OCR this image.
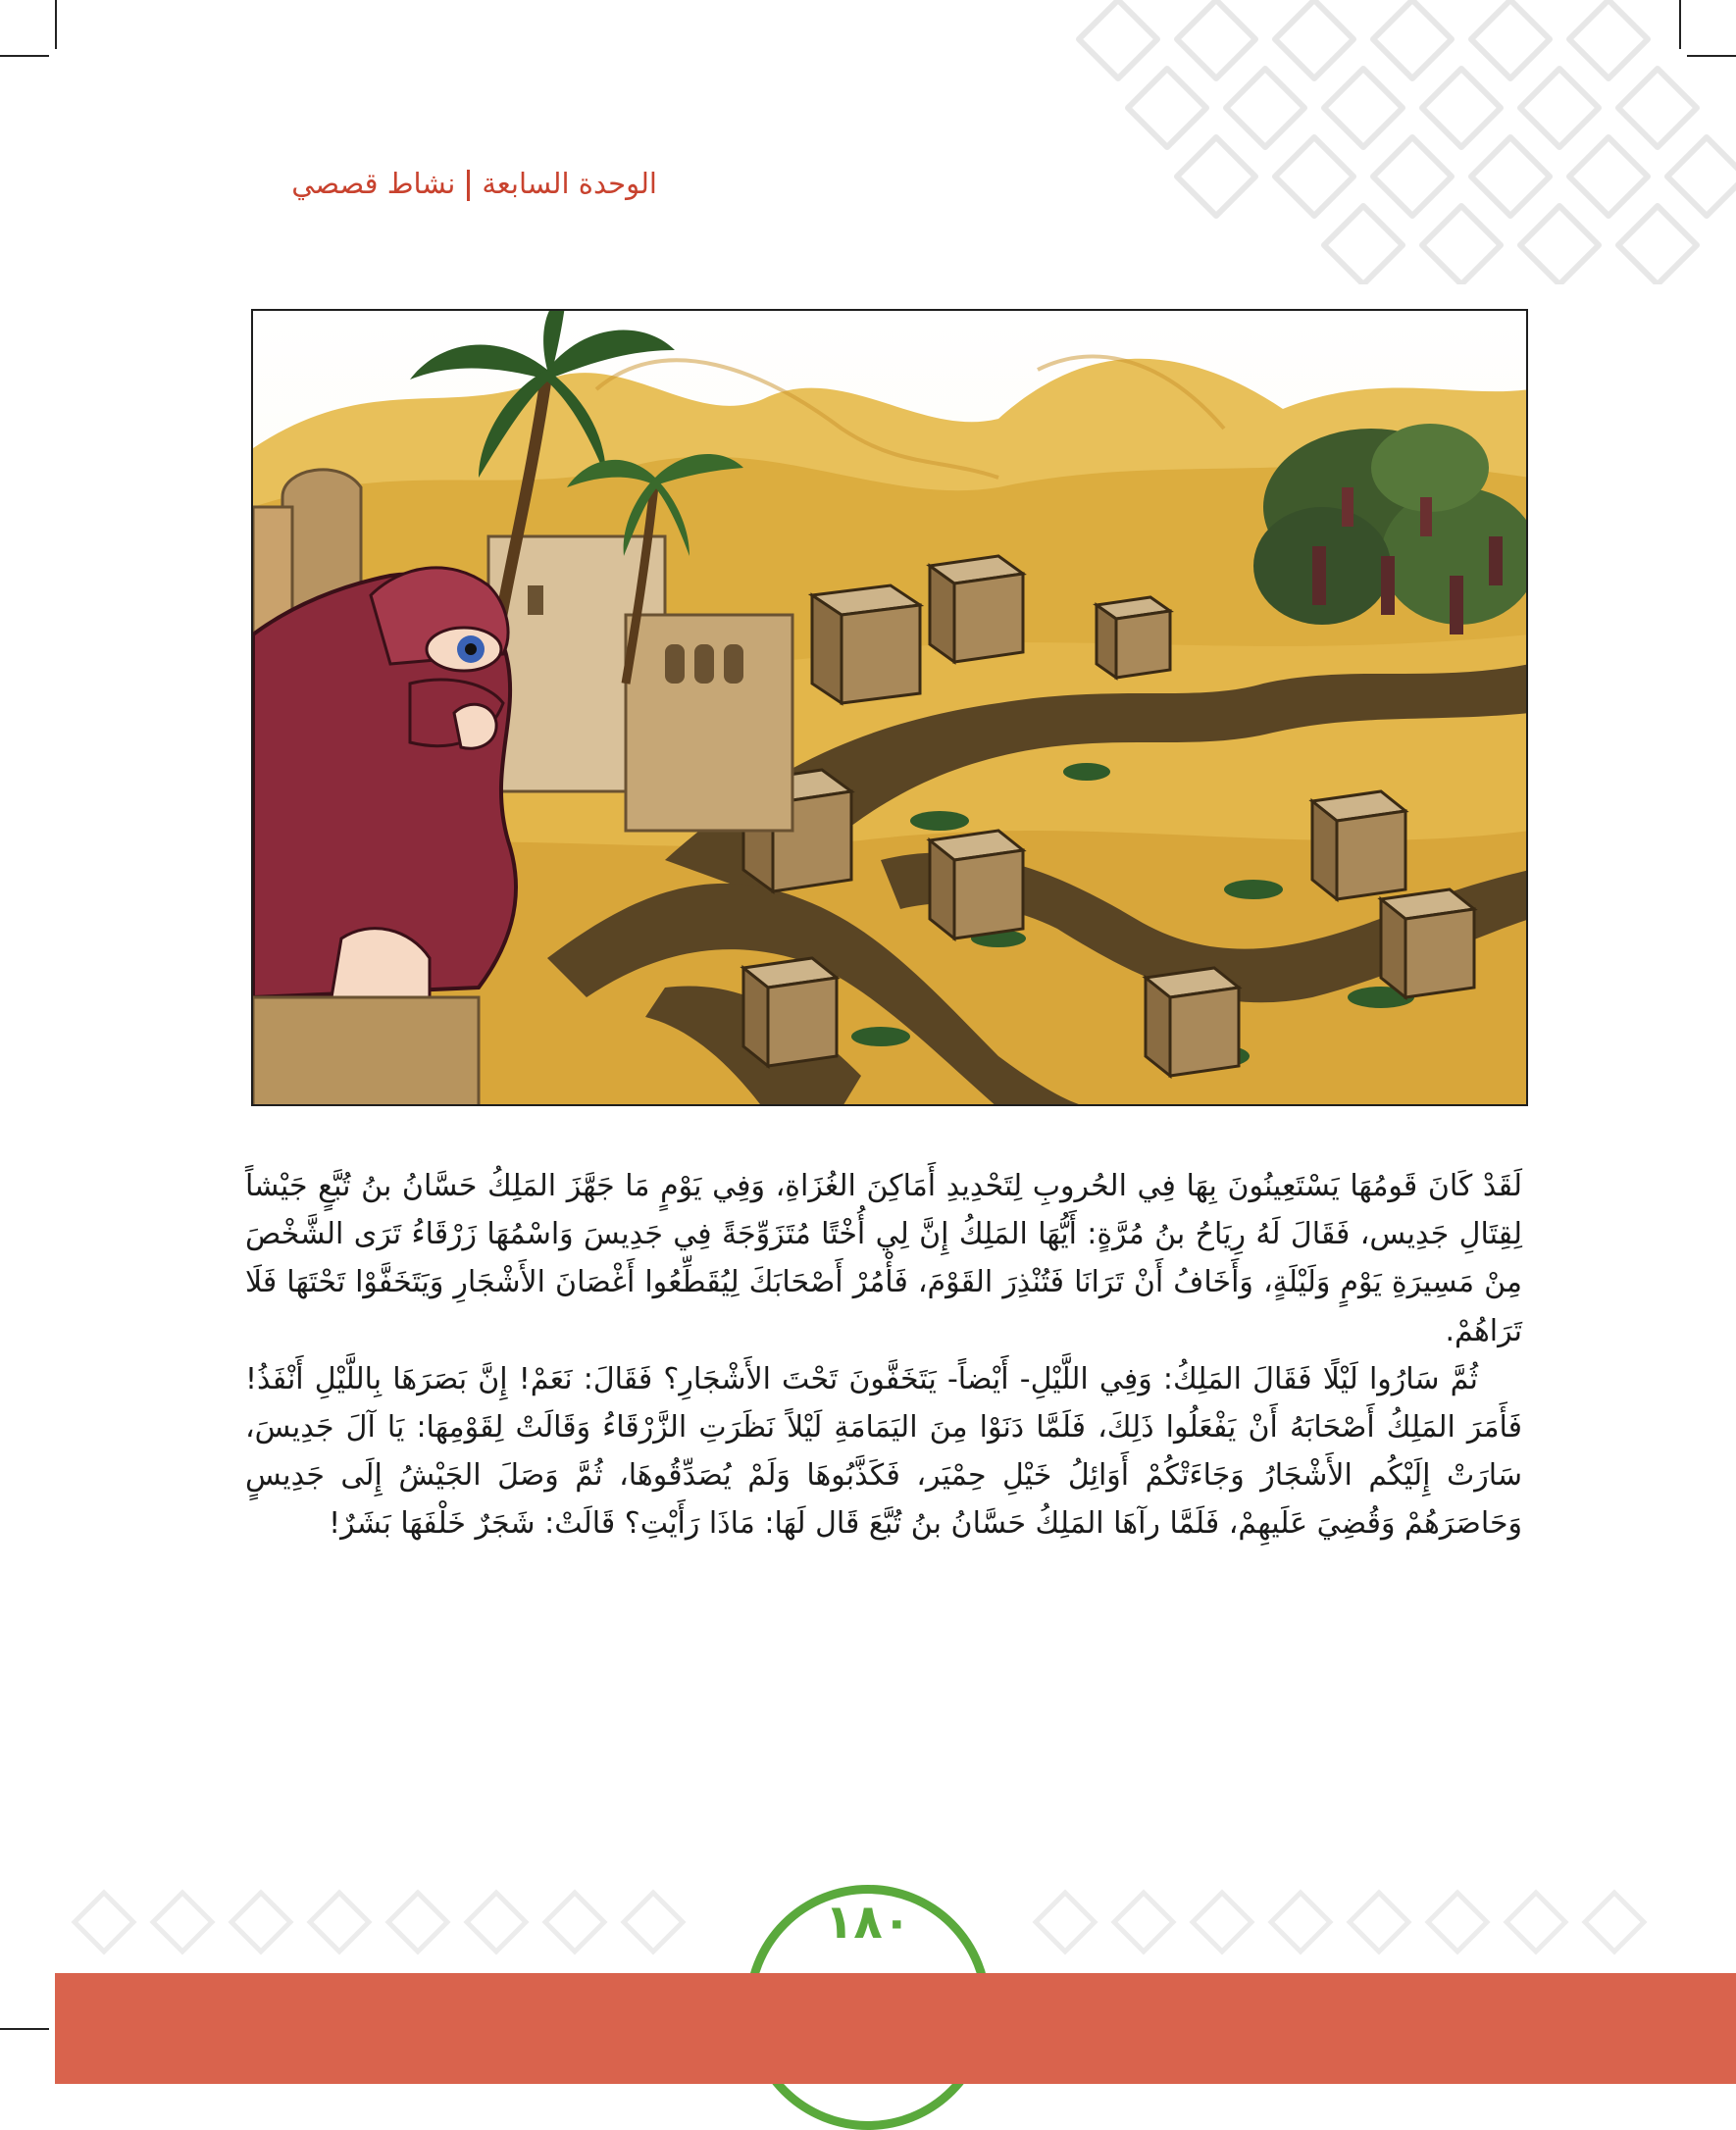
الوحدة السابعةنشاط قصصي

لَقَدْ كَانَ قَومُهَا يَسْتَعِينُونَ بِهَا فِي الحُروبِ لِتَحْدِيدِ أَمَاكِنَ الغُزَاةِ، وَفِي يَوْمٍ مَا جَهَّزَ المَلِكُ حَسَّانُ بنُ تُبَّعٍ جَيْشاً لِقِتَالِ جَدِيس، فَقَالَ لَهُ رِيَاحُ بنُ مُرَّةٍ: أَيُّهَا المَلِكُ إِنَّ لِي أُخْتًا مُتَزَوِّجَةً فِي جَدِيسَ وَاسْمُهَا زَرْقَاءُ تَرَى الشَّخْصَ مِنْ مَسِيرَةِ يَوْمٍ وَلَيْلَةٍ، وَأَخَافُ أَنْ تَرَانَا فَتُنْذِرَ القَوْمَ، فَأْمُرْ أَصْحَابَكَ لِيُقَطِّعُوا أَغْصَانَ الأَشْجَارِ وَيَتَخَفَّوْا تَحْتَهَا فَلَا تَرَاهُمْ.

ثُمَّ سَارُوا لَيْلًا فَقَالَ المَلِكُ: وَفِي اللَّيْلِ- أَيْضاً- يَتَخَفَّونَ تَحْتَ الأَشْجَارِ؟ فَقَالَ: نَعَمْ! إِنَّ بَصَرَهَا بِاللَّيْلِ أَنْفَذُ! فَأَمَرَ المَلِكُ أَصْحَابَهُ أَنْ يَفْعَلُوا ذَلِكَ، فَلَمَّا دَنَوْا مِنَ اليَمَامَةِ لَيْلاً نَظَرَتِ الزَّرْقَاءُ وَقَالَتْ لِقَوْمِهَا: يَا آلَ جَدِيسَ، سَارَتْ إِلَيْكُم الأَشْجَارُ وَجَاءَتْكُمْ أَوَائِلُ خَيْلِ حِمْيَر، فَكَذَّبُوهَا وَلَمْ يُصَدِّقُوهَا، ثُمَّ وَصَلَ الجَيْشُ إِلَى جَدِيسٍ وَحَاصَرَهُمْ وَقُضِيَ عَلَيهِمْ، فَلَمَّا رآهَا المَلِكُ حَسَّانُ بنُ تُبَّعَ قَال لَهَا: مَاذَا رَأَيْتِ؟ قَالَتْ: شَجَرٌ خَلْفَهَا بَشَرٌ!

١٨٠
